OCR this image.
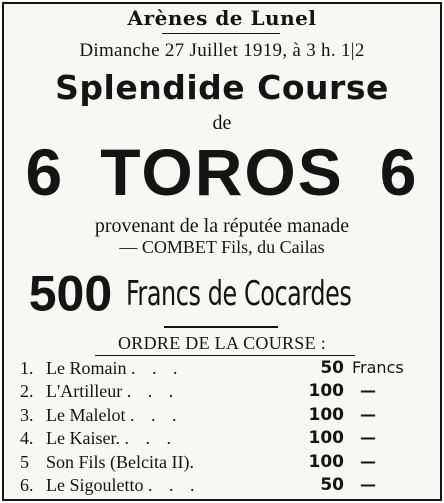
Arènes de Lunel
Dimanche 27 Juillet 1919, à 3 h. 1|2
Splendide Course
de
6 TOROS 6
provenant de la réputée manade
— COMBET Fils, du Cailas
500 Francs de Cocardes
ORDRE DE LA COURSE :
1. Le Romain . . .	50 Francs
2. L'Artilleur . . .	100 —
3. Le Malelot . . .	100 —
4. Le Kaiser. . . .	100 —
5 Son Fils (Belcita II).	100 —
6. Le Sigouletto . . .	50 —
